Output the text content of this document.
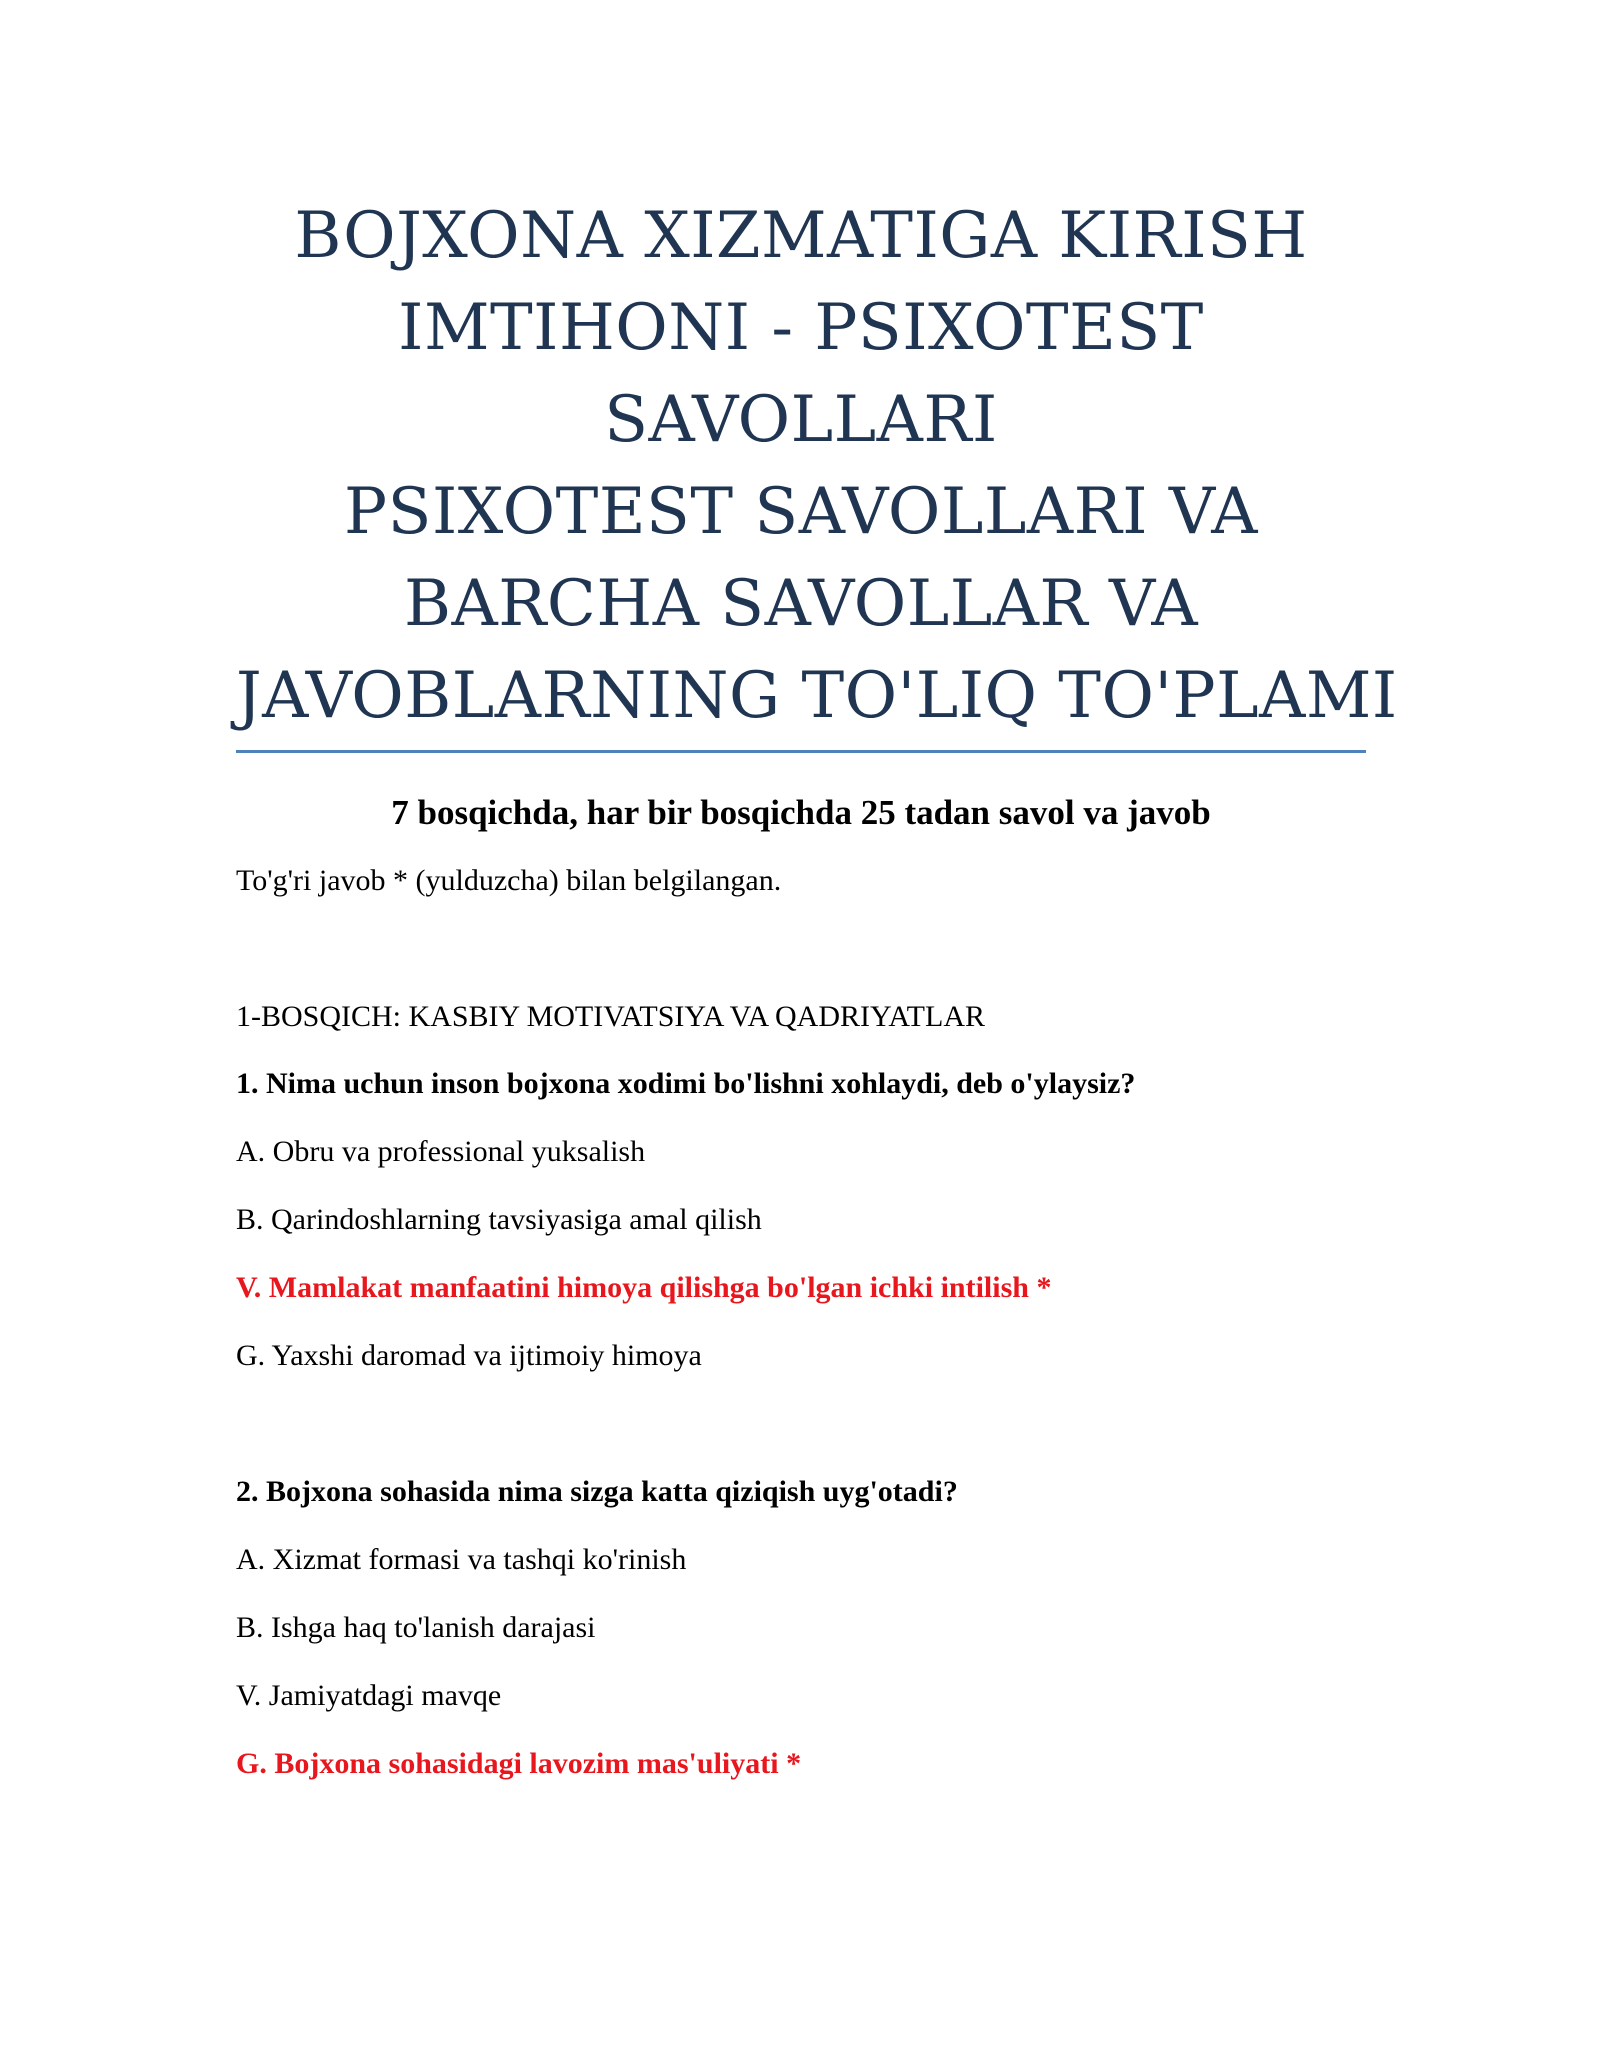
BOJXONA XIZMATIGA KIRISH
IMTIHONI - PSIXOTEST
SAVOLLARI
PSIXOTEST SAVOLLARI VA
BARCHA SAVOLLAR VA
JAVOBLARNING TO'LIQ TO'PLAMI

7 bosqichda, har bir bosqichda 25 tadan savol va javob

To'g'ri javob * (yulduzcha) bilan belgilangan.

1-BOSQICH: KASBIY MOTIVATSIYA VA QADRIYATLAR

1. Nima uchun inson bojxona xodimi bo'lishni xohlaydi, deb o'ylaysiz?

A. Obru va professional yuksalish

B. Qarindoshlarning tavsiyasiga amal qilish

V. Mamlakat manfaatini himoya qilishga bo'lgan ichki intilish *

G. Yaxshi daromad va ijtimoiy himoya

2. Bojxona sohasida nima sizga katta qiziqish uyg'otadi?

A. Xizmat formasi va tashqi ko'rinish

B. Ishga haq to'lanish darajasi

V. Jamiyatdagi mavqe

G. Bojxona sohasidagi lavozim mas'uliyati *
